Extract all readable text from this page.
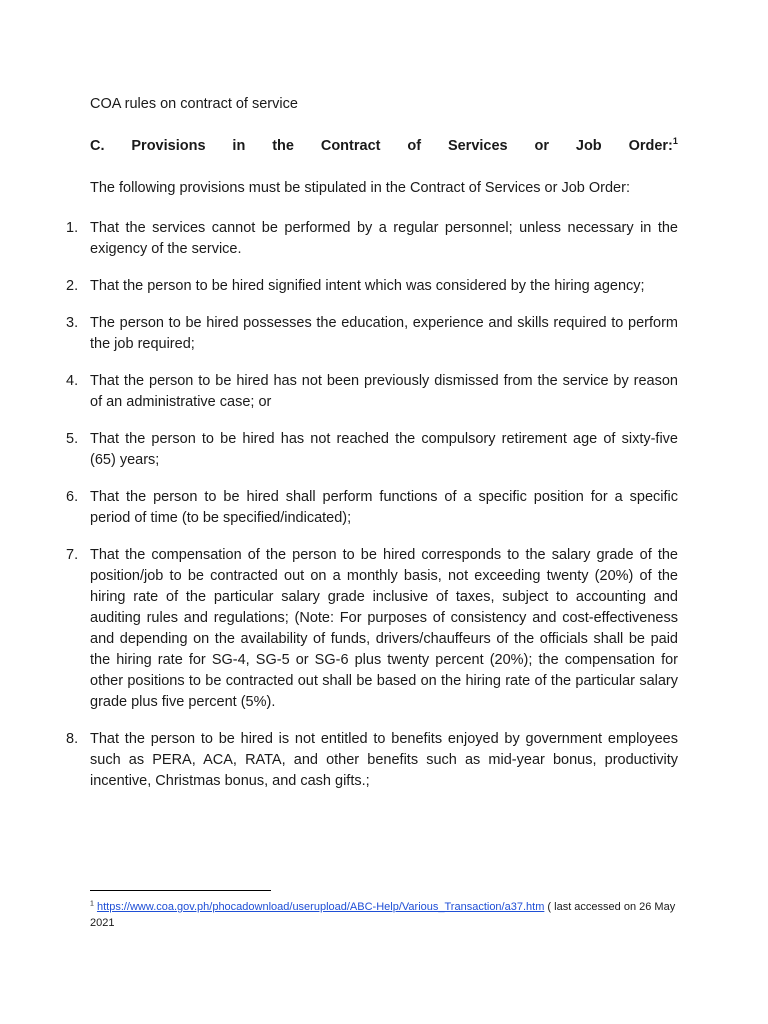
COA rules on contract of service
C. Provisions in the Contract of Services or Job Order:$^1$
The following provisions must be stipulated in the Contract of Services or Job Order:
1. That the services cannot be performed by a regular personnel; unless necessary in the exigency of the service.
2. That the person to be hired signified intent which was considered by the hiring agency;
3. The person to be hired possesses the education, experience and skills required to perform the job required;
4. That the person to be hired has not been previously dismissed from the service by reason of an administrative case; or
5. That the person to be hired has not reached the compulsory retirement age of sixty-five (65) years;
6. That the person to be hired shall perform functions of a specific position for a specific period of time (to be specified/indicated);
7. That the compensation of the person to be hired corresponds to the salary grade of the position/job to be contracted out on a monthly basis, not exceeding twenty (20%) of the hiring rate of the particular salary grade inclusive of taxes, subject to accounting and auditing rules and regulations; (Note: For purposes of consistency and cost-effectiveness and depending on the availability of funds, drivers/chauffeurs of the officials shall be paid the hiring rate for SG-4, SG-5 or SG-6 plus twenty percent (20%); the compensation for other positions to be contracted out shall be based on the hiring rate of the particular salary grade plus five percent (5%).
8. That the person to be hired is not entitled to benefits enjoyed by government employees such as PERA, ACA, RATA, and other benefits such as mid-year bonus, productivity incentive, Christmas bonus, and cash gifts.;
$^1$ https://www.coa.gov.ph/phocadownload/userupload/ABC-Help/Various_Transaction/a37.htm ( last accessed on 26 May 2021
